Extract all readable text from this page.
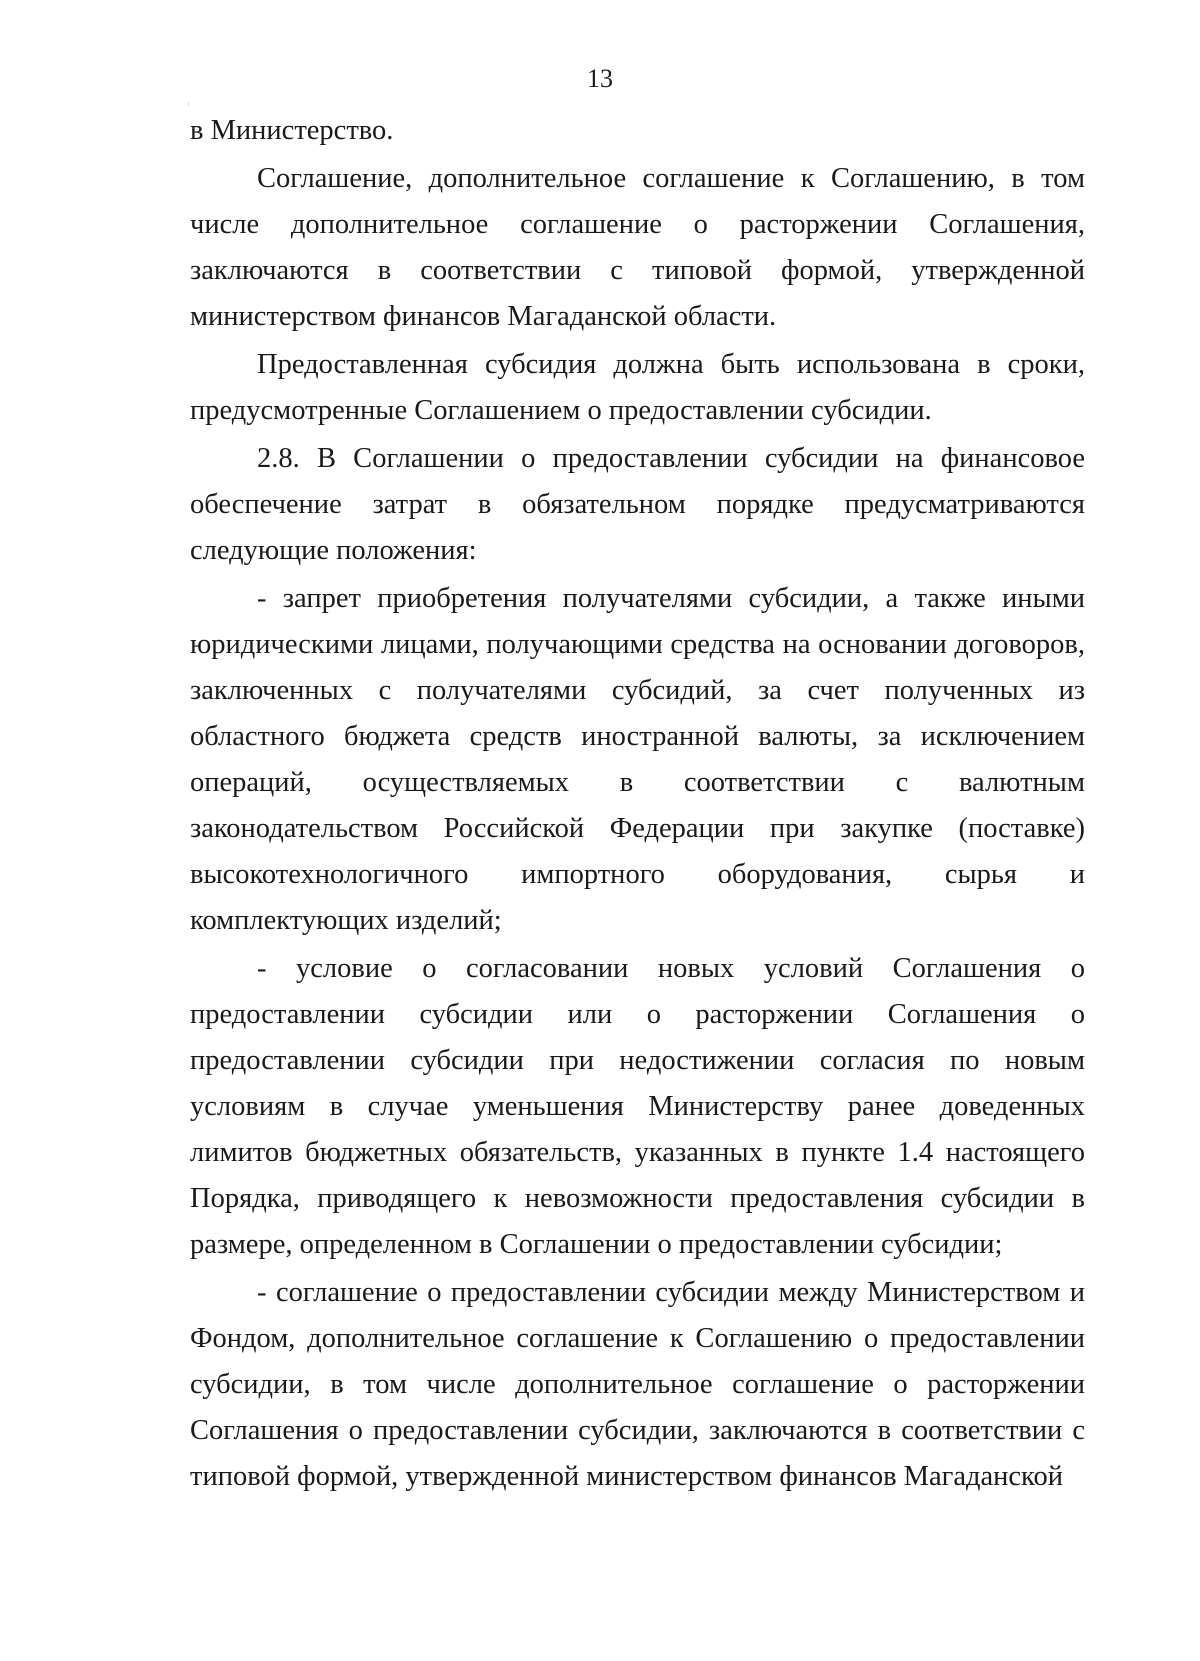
13

в Министерство.

Соглашение, дополнительное соглашение к Соглашению, в том числе дополнительное соглашение о расторжении Соглашения, заключаются в соответствии с типовой формой, утвержденной министерством финансов Магаданской области.

Предоставленная субсидия должна быть использована в сроки, предусмотренные Соглашением о предоставлении субсидии.

2.8. В Соглашении о предоставлении субсидии на финансовое обеспечение затрат в обязательном порядке предусматриваются следующие положения:

- запрет приобретения получателями субсидии, а также иными юридическими лицами, получающими средства на основании договоров, заключенных с получателями субсидий, за счет полученных из областного бюджета средств иностранной валюты, за исключением операций, осуществляемых в соответствии с валютным законодательством Российской Федерации при закупке (поставке) высокотехнологичного импортного оборудования, сырья и комплектующих изделий;

- условие о согласовании новых условий Соглашения о предоставлении субсидии или о расторжении Соглашения о предоставлении субсидии при недостижении согласия по новым условиям в случае уменьшения Министерству ранее доведенных лимитов бюджетных обязательств, указанных в пункте 1.4 настоящего Порядка, приводящего к невозможности предоставления субсидии в размере, определенном в Соглашении о предоставлении субсидии;

- соглашение о предоставлении субсидии между Министерством и Фондом, дополнительное соглашение к Соглашению о предоставлении субсидии, в том числе дополнительное соглашение о расторжении Соглашения о предоставлении субсидии, заключаются в соответствии с типовой формой, утвержденной министерством финансов Магаданской
